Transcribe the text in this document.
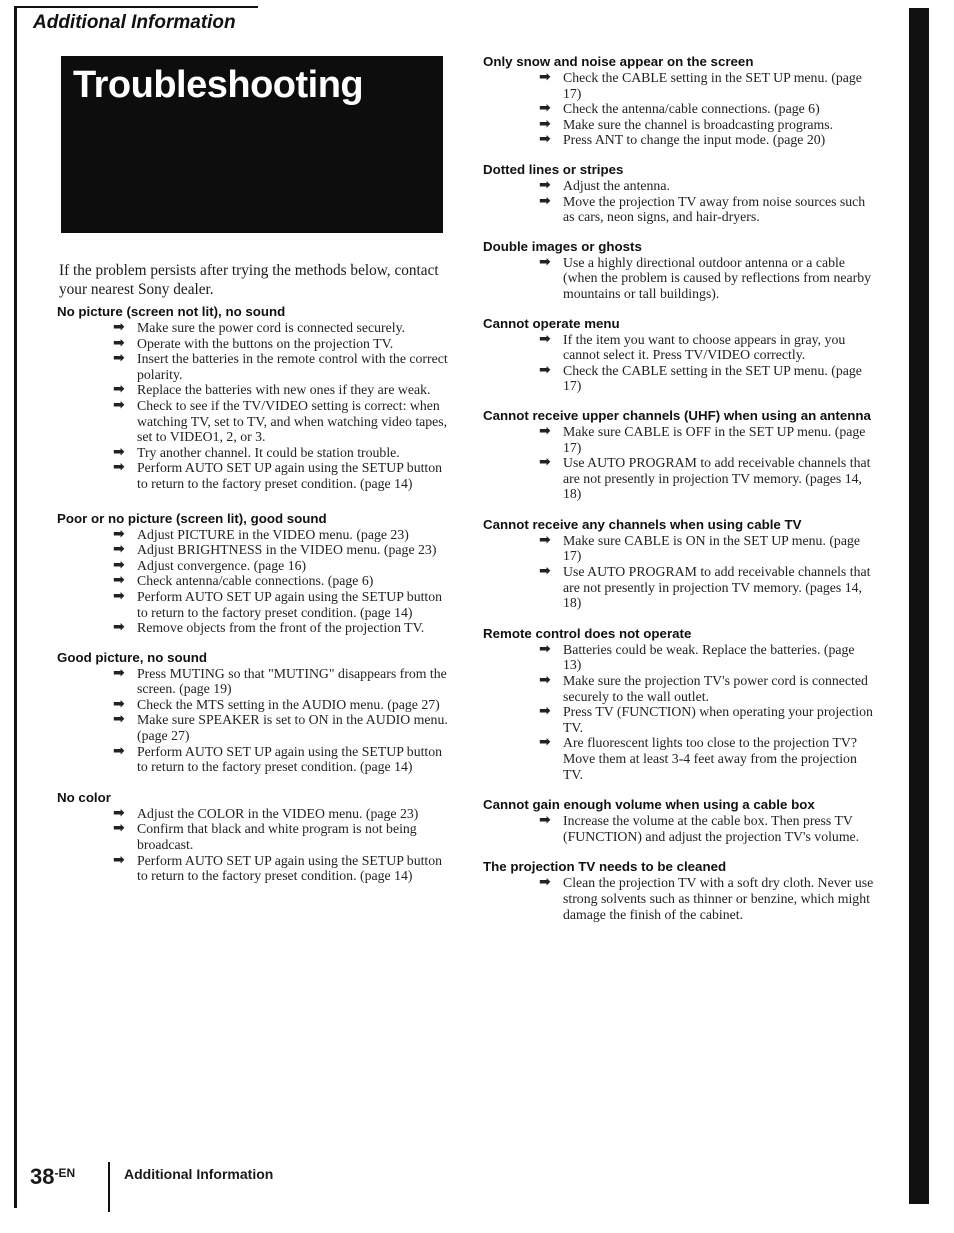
Additional Information
Troubleshooting
If the problem persists after trying the methods below, contact your nearest Sony dealer.
No picture (screen not lit), no sound
➡ Make sure the power cord is connected securely.
➡ Operate with the buttons on the projection TV.
➡ Insert the batteries in the remote control with the correct polarity.
➡ Replace the batteries with new ones if they are weak.
➡ Check to see if the TV/VIDEO setting is correct: when watching TV, set to TV, and when watching video tapes, set to VIDEO1, 2, or 3.
➡ Try another channel. It could be station trouble.
➡ Perform AUTO SET UP again using the SETUP button to return to the factory preset condition. (page 14)
Poor or no picture (screen lit), good sound
➡ Adjust PICTURE in the VIDEO menu. (page 23)
➡ Adjust BRIGHTNESS in the VIDEO menu. (page 23)
➡ Adjust convergence. (page 16)
➡ Check antenna/cable connections. (page 6)
➡ Perform AUTO SET UP again using the SETUP button to return to the factory preset condition. (page 14)
➡ Remove objects from the front of the projection TV.
Good picture, no sound
➡ Press MUTING so that "MUTING" disappears from the screen. (page 19)
➡ Check the MTS setting in the AUDIO menu. (page 27)
➡ Make sure SPEAKER is set to ON in the AUDIO menu. (page 27)
➡ Perform AUTO SET UP again using the SETUP button to return to the factory preset condition. (page 14)
No color
➡ Adjust the COLOR in the VIDEO menu. (page 23)
➡ Confirm that black and white program is not being broadcast.
➡ Perform AUTO SET UP again using the SETUP button to return to the factory preset condition. (page 14)
Only snow and noise appear on the screen
➡ Check the CABLE setting in the SET UP menu. (page 17)
➡ Check the antenna/cable connections. (page 6)
➡ Make sure the channel is broadcasting programs.
➡ Press ANT to change the input mode. (page 20)
Dotted lines or stripes
➡ Adjust the antenna.
➡ Move the projection TV away from noise sources such as cars, neon signs, and hair-dryers.
Double images or ghosts
➡ Use a highly directional outdoor antenna or a cable (when the problem is caused by reflections from nearby mountains or tall buildings).
Cannot operate menu
➡ If the item you want to choose appears in gray, you cannot select it. Press TV/VIDEO correctly.
➡ Check the CABLE setting in the SET UP menu. (page 17)
Cannot receive upper channels (UHF) when using an antenna
➡ Make sure CABLE is OFF in the SET UP menu. (page 17)
➡ Use AUTO PROGRAM to add receivable channels that are not presently in projection TV memory. (pages 14, 18)
Cannot receive any channels when using cable TV
➡ Make sure CABLE is ON in the SET UP menu. (page 17)
➡ Use AUTO PROGRAM to add receivable channels that are not presently in projection TV memory. (pages 14, 18)
Remote control does not operate
➡ Batteries could be weak. Replace the batteries. (page 13)
➡ Make sure the projection TV's power cord is connected securely to the wall outlet.
➡ Press TV (FUNCTION) when operating your projection TV.
➡ Are fluorescent lights too close to the projection TV? Move them at least 3-4 feet away from the projection TV.
Cannot gain enough volume when using a cable box
➡ Increase the volume at the cable box. Then press TV (FUNCTION) and adjust the projection TV's volume.
The projection TV needs to be cleaned
➡ Clean the projection TV with a soft dry cloth. Never use strong solvents such as thinner or benzine, which might damage the finish of the cabinet.
$38^{-EN}$	Additional Information
